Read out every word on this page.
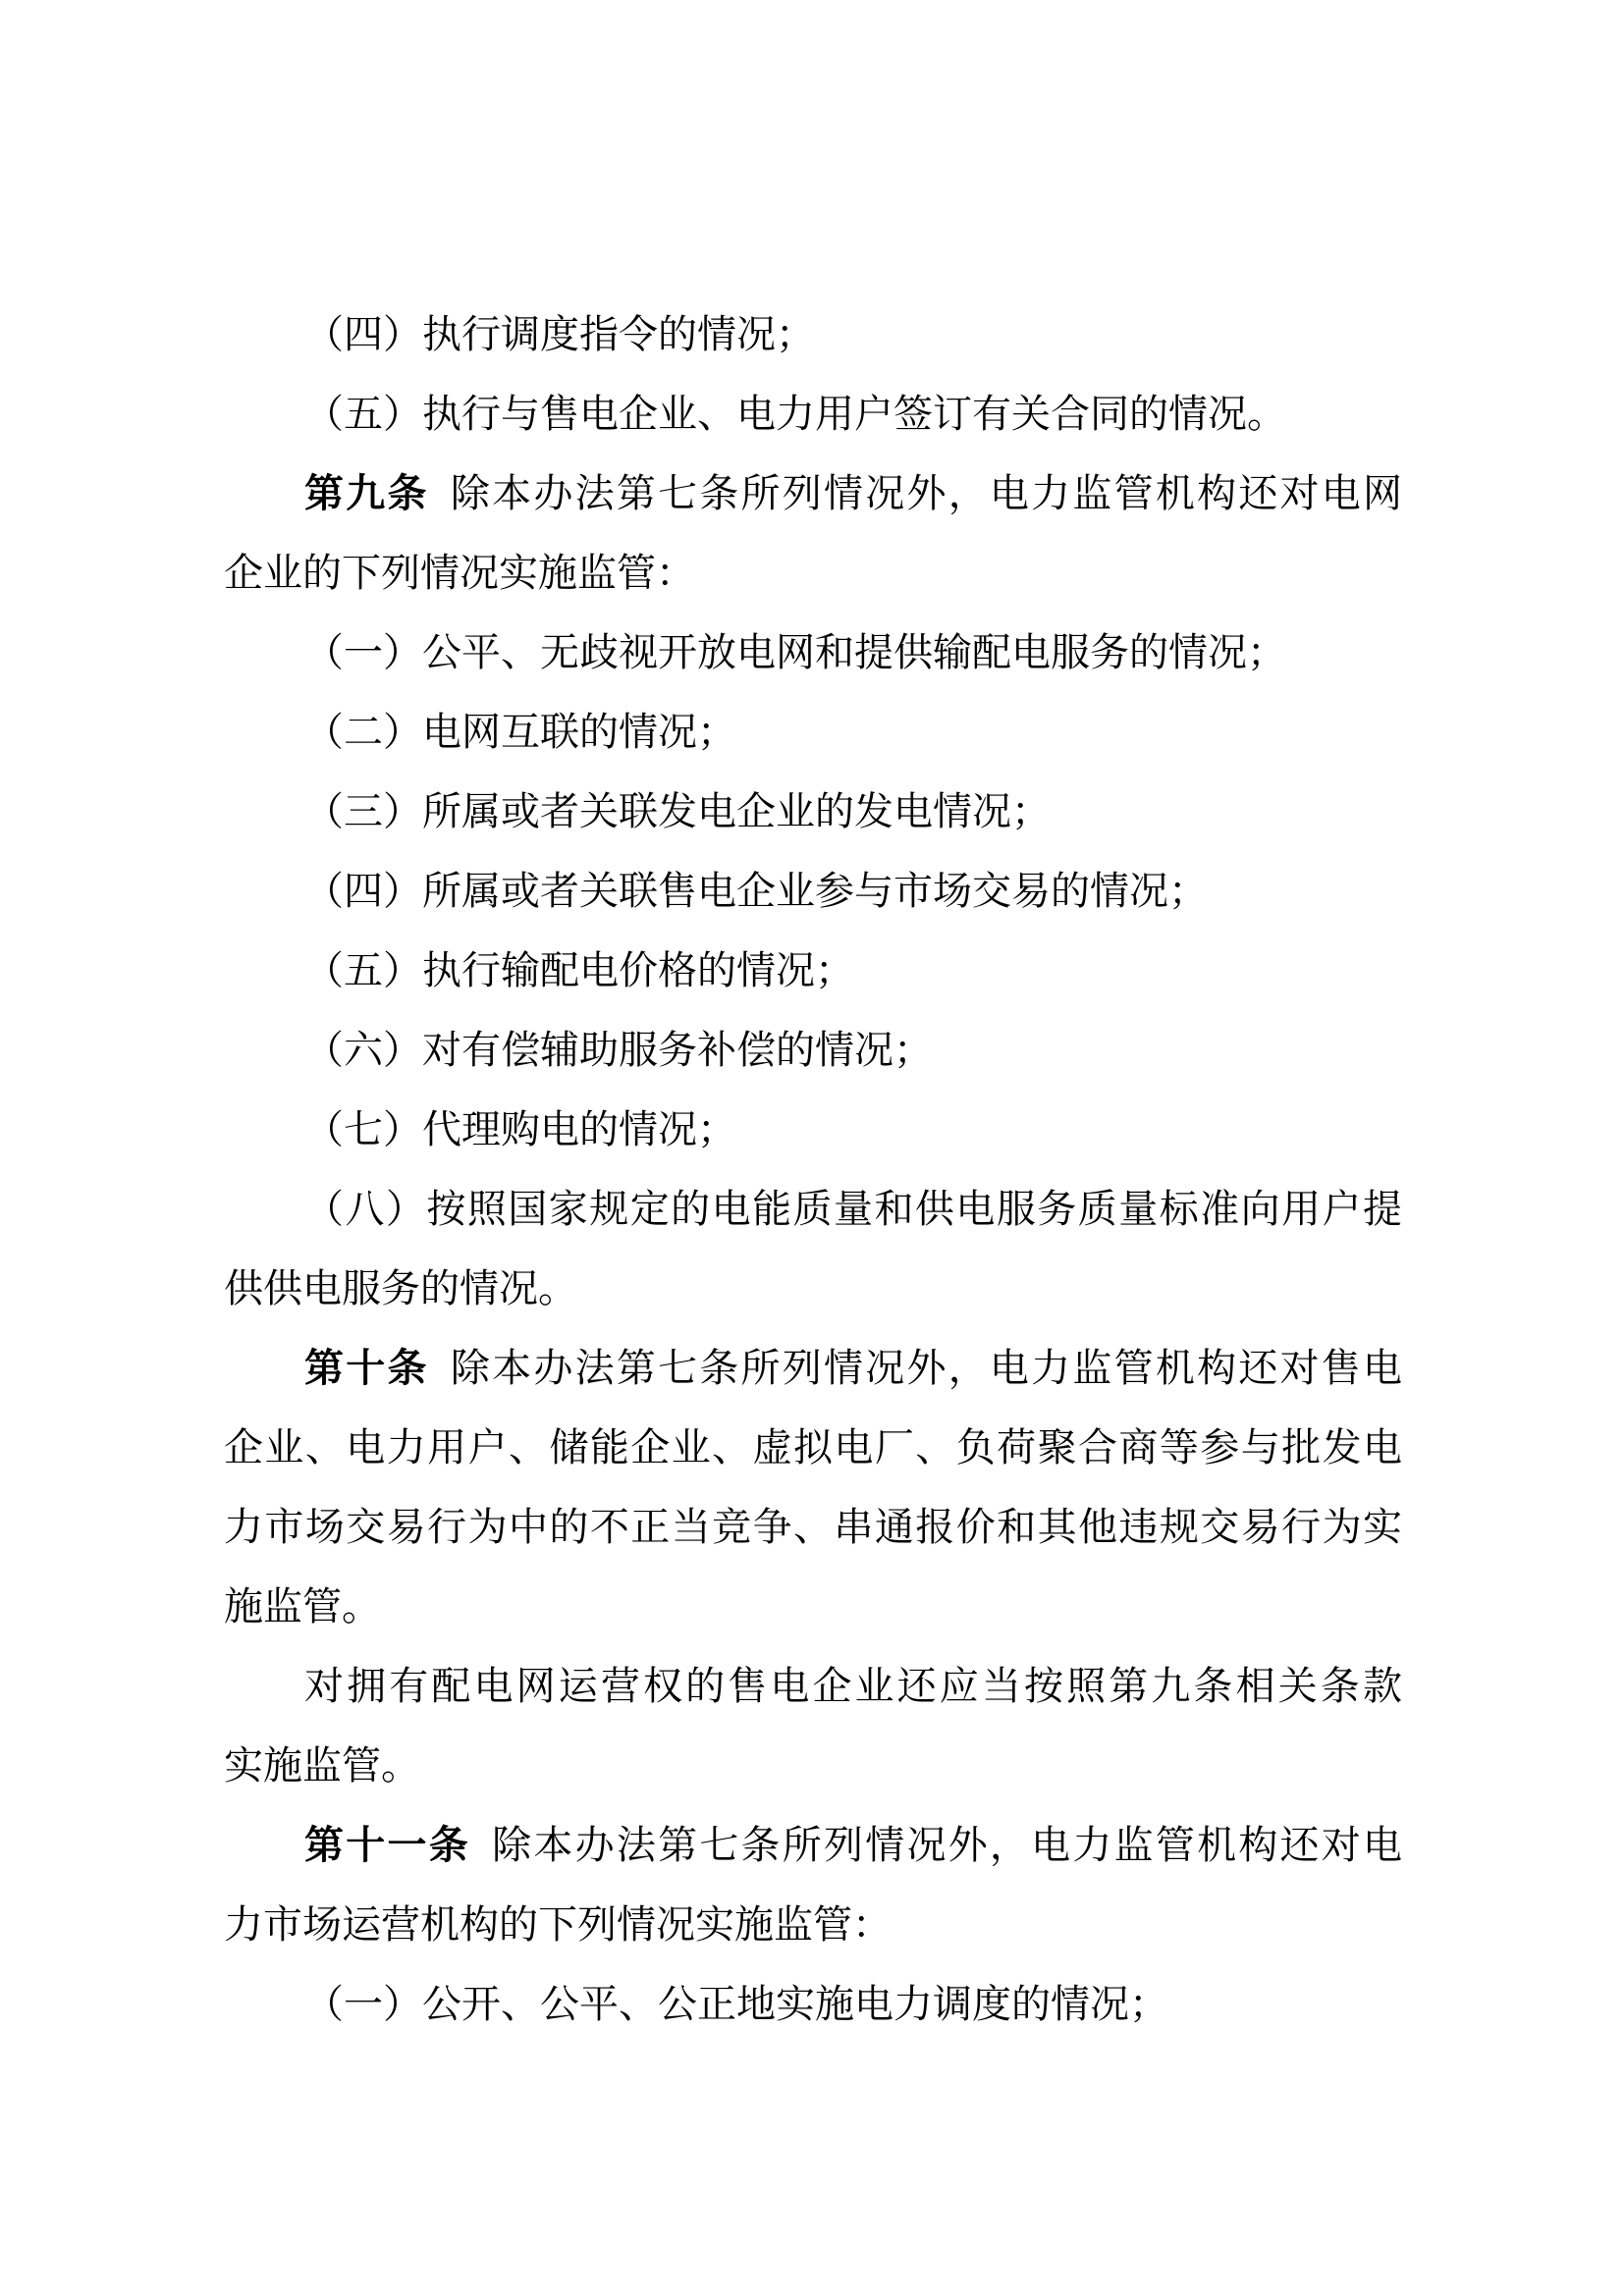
（四）执行调度指令的情况；
（五）执行与售电企业、电力用户签订有关合同的情况。
第九条 除本办法第七条所列情况外，电力监管机构还对电网
企业的下列情况实施监管：
（一）公平、无歧视开放电网和提供输配电服务的情况；
（二）电网互联的情况；
（三）所属或者关联发电企业的发电情况；
（四）所属或者关联售电企业参与市场交易的情况；
（五）执行输配电价格的情况；
（六）对有偿辅助服务补偿的情况；
（七）代理购电的情况；
（八）按照国家规定的电能质量和供电服务质量标准向用户提
供供电服务的情况。
第十条 除本办法第七条所列情况外，电力监管机构还对售电
企业、电力用户、储能企业、虚拟电厂、负荷聚合商等参与批发电
力市场交易行为中的不正当竞争、串通报价和其他违规交易行为实
施监管。
对拥有配电网运营权的售电企业还应当按照第九条相关条款
实施监管。
第十一条 除本办法第七条所列情况外，电力监管机构还对电
力市场运营机构的下列情况实施监管：
（一）公开、公平、公正地实施电力调度的情况；
